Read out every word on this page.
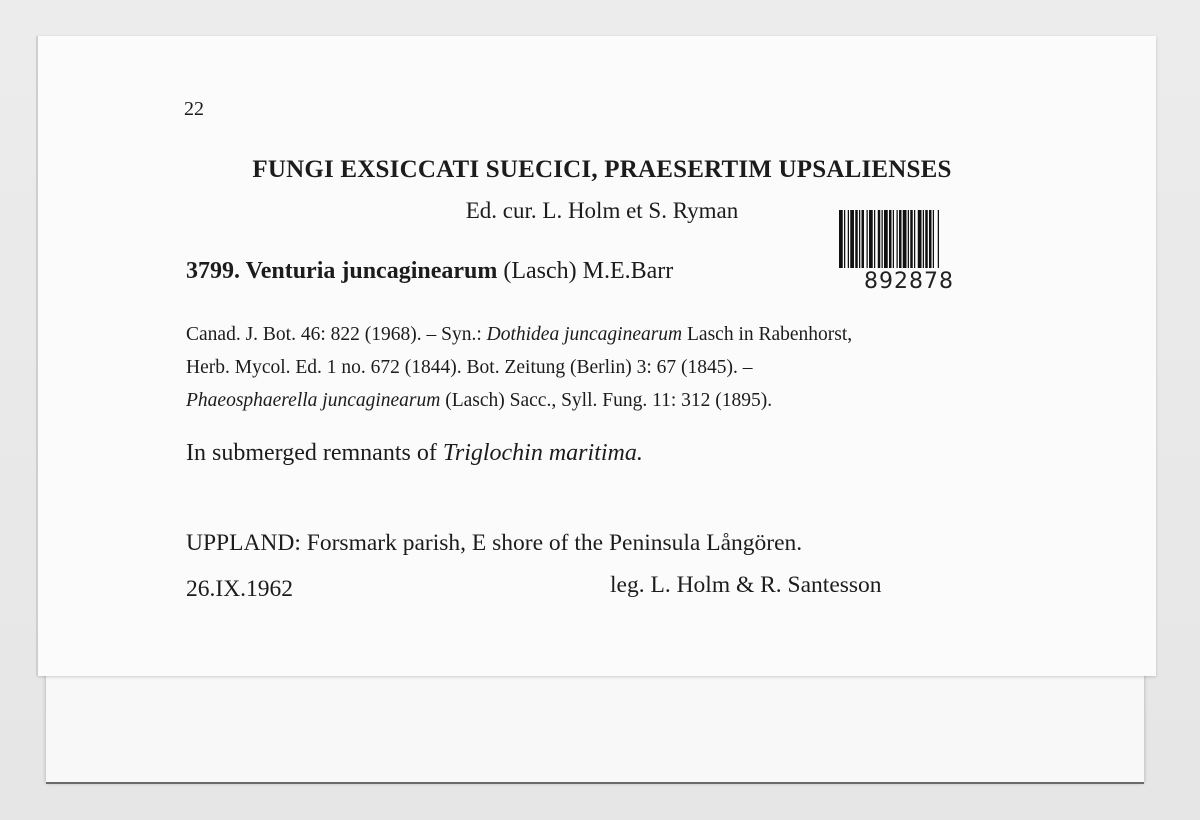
22
FUNGI EXSICCATI SUECICI, PRAESERTIM UPSALIENSES
Ed. cur. L. Holm et S. Ryman
3799. Venturia juncaginearum (Lasch) M.E.Barr	892878
Canad. J. Bot. 46: 822 (1968). – Syn.: Dothidea juncaginearum Lasch in Rabenhorst,
Herb. Mycol. Ed. 1 no. 672 (1844). Bot. Zeitung (Berlin) 3: 67 (1845). –
Phaeosphaerella juncaginearum (Lasch) Sacc., Syll. Fung. 11: 312 (1895).
In submerged remnants of Triglochin maritima.
UPPLAND: Forsmark parish, E shore of the Peninsula Långören.
26.IX.1962	leg. L. Holm & R. Santesson
